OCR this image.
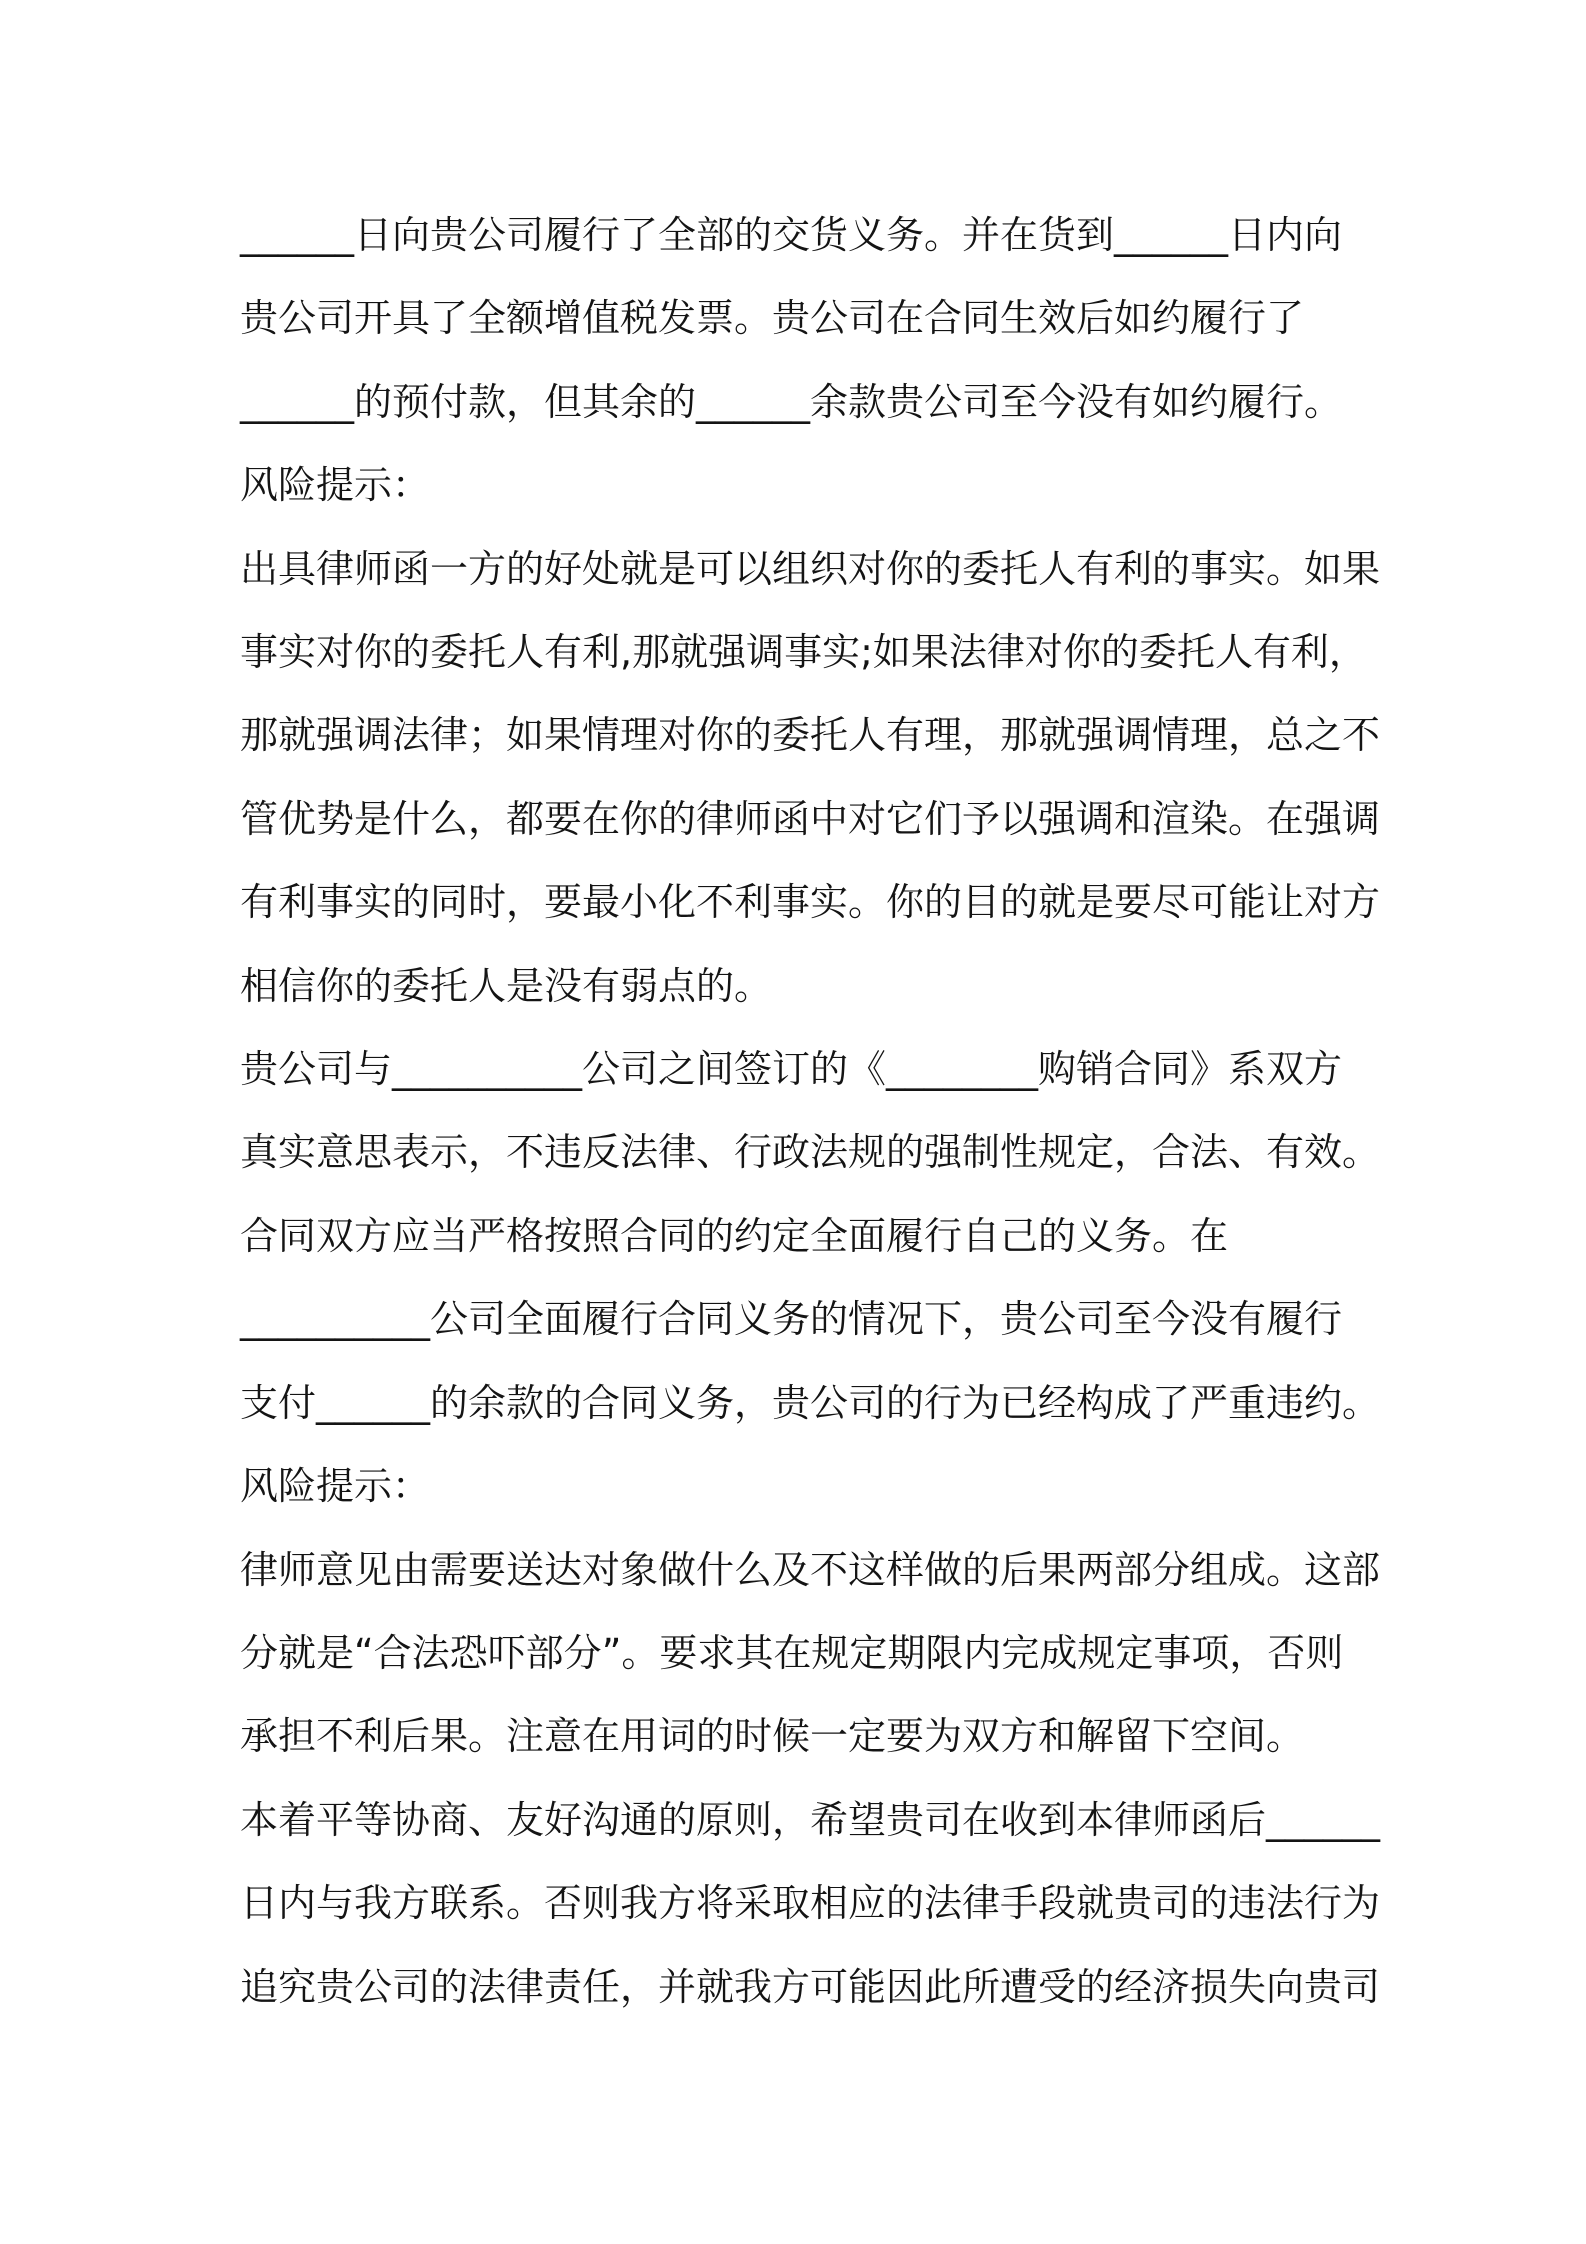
______日向贵公司履行了全部的交货义务。并在货到______日内向
贵公司开具了全额增值税发票。贵公司在合同生效后如约履行了
______的预付款，但其余的______余款贵公司至今没有如约履行。
风险提示：
出具律师函一方的好处就是可以组织对你的委托人有利的事实。如果
事实对你的委托人有利,那就强调事实;如果法律对你的委托人有利，
那就强调法律；如果情理对你的委托人有理，那就强调情理，总之不
管优势是什么，都要在你的律师函中对它们予以强调和渲染。在强调
有利事实的同时，要最小化不利事实。你的目的就是要尽可能让对方
相信你的委托人是没有弱点的。
贵公司与__________公司之间签订的《________购销合同》系双方
真实意思表示，不违反法律、行政法规的强制性规定，合法、有效。
合同双方应当严格按照合同的约定全面履行自己的义务。在
__________公司全面履行合同义务的情况下，贵公司至今没有履行
支付______的余款的合同义务，贵公司的行为已经构成了严重违约。
风险提示：
律师意见由需要送达对象做什么及不这样做的后果两部分组成。这部
分就是“合法恐吓部分”。要求其在规定期限内完成规定事项，否则
承担不利后果。注意在用词的时候一定要为双方和解留下空间。
本着平等协商、友好沟通的原则，希望贵司在收到本律师函后______
日内与我方联系。否则我方将采取相应的法律手段就贵司的违法行为
追究贵公司的法律责任，并就我方可能因此所遭受的经济损失向贵司
